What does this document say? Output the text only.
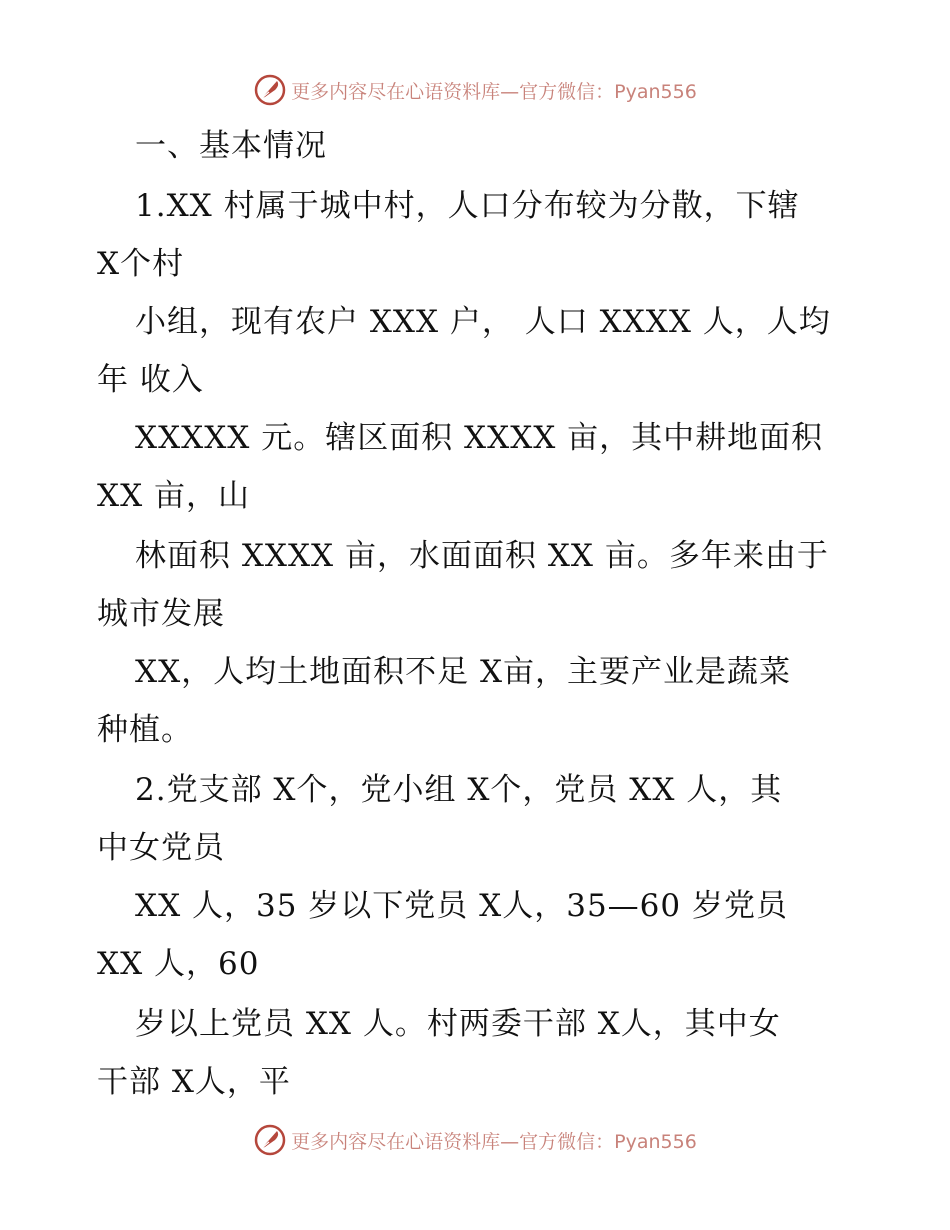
更多内容尽在心语资料库—官方微信：Pyan556
一、基本情况
1.XX 村属于城中村，人口分布较为分散，下辖
X个村
小组，现有农户 XXX 户， 人口 XXXX 人，人均
年 收入
XXXXX 元。辖区面积 XXXX 亩，其中耕地面积
XX 亩，山
林面积 XXXX 亩，水面面积 XX 亩。多年来由于
城市发展
XX，人均土地面积不足 X亩，主要产业是蔬菜
种植。
2.党支部 X个，党小组 X个，党员 XX 人，其
中女党员
XX 人，35 岁以下党员 X人，35—60 岁党员
XX 人，60
岁以上党员 XX 人。村两委干部 X人，其中女
干部 X人，平
更多内容尽在心语资料库—官方微信：Pyan556
